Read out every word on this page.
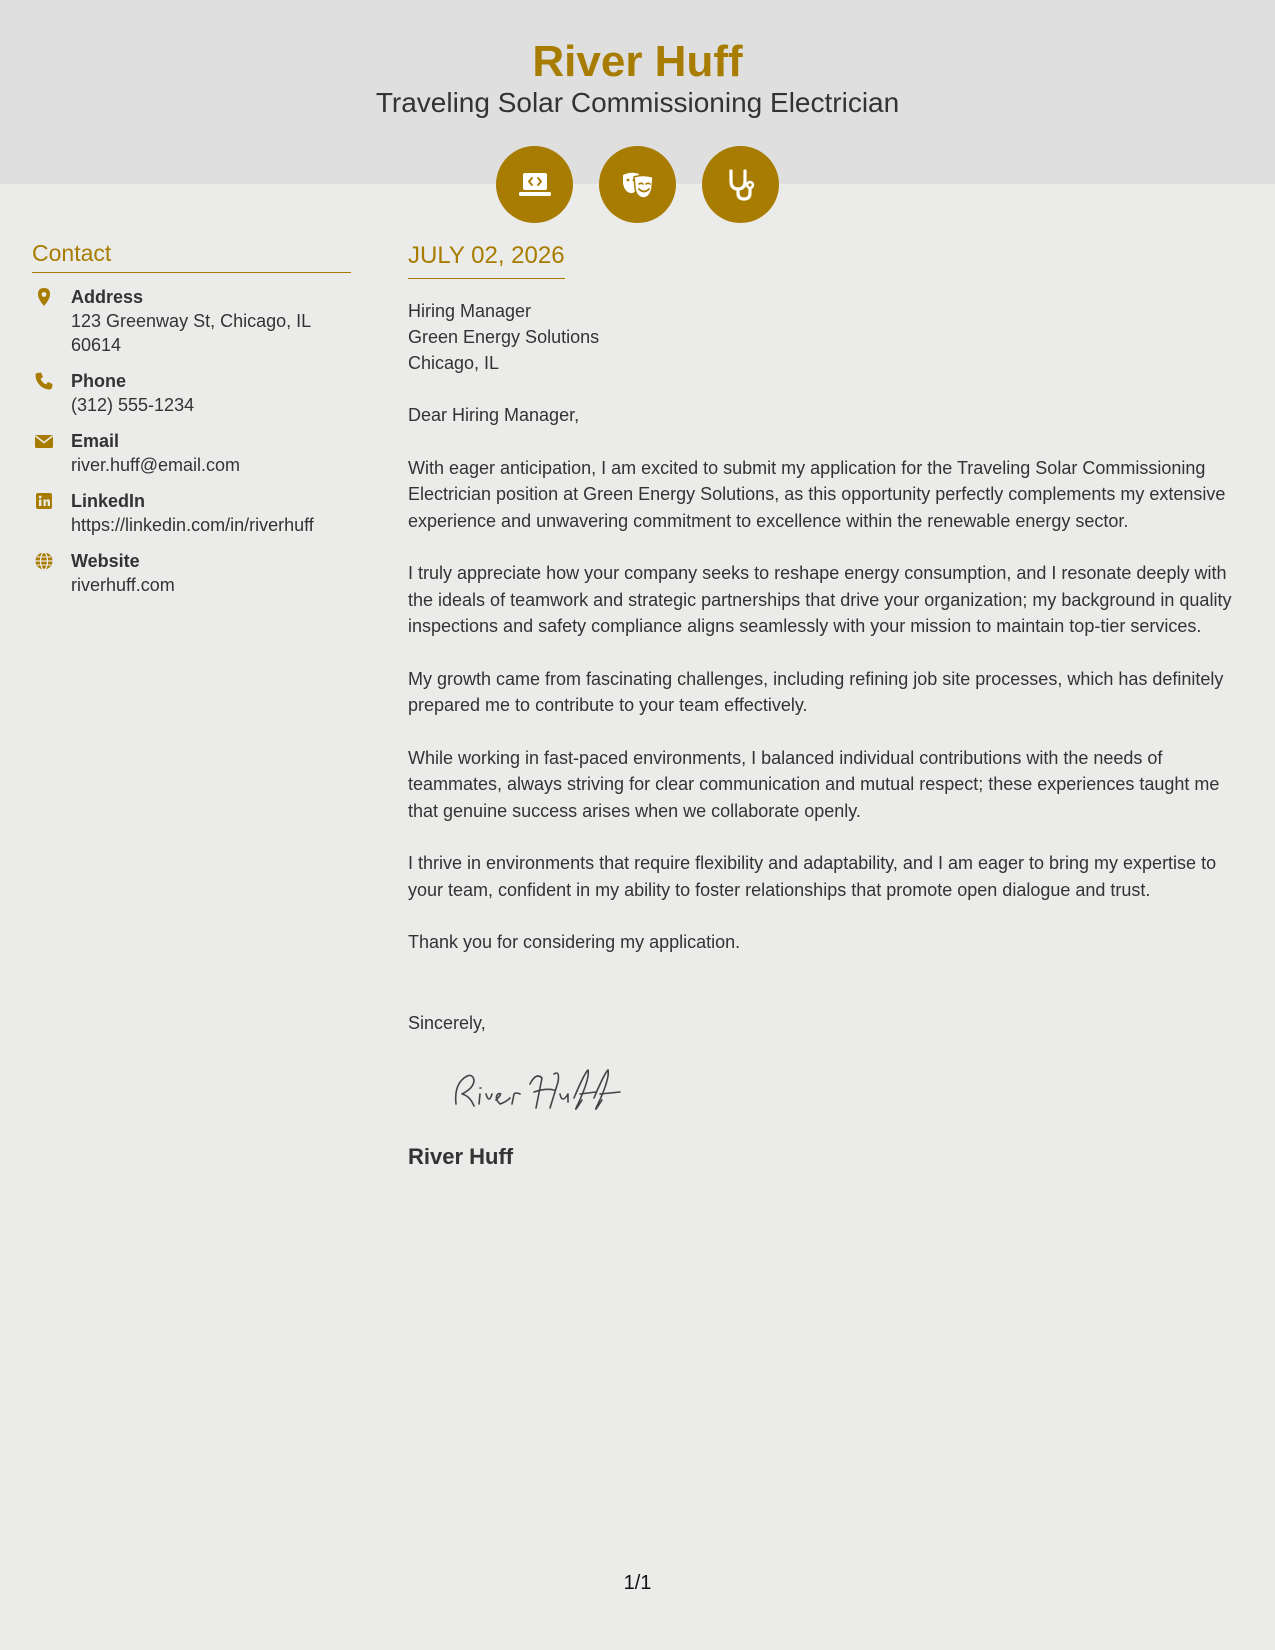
River Huff
Traveling Solar Commissioning Electrician
Contact
Address
123 Greenway St, Chicago, IL 60614
Phone
(312) 555-1234
Email
river.huff@email.com
LinkedIn
https://linkedin.com/in/riverhuff
Website
riverhuff.com
JULY 02, 2026
Hiring Manager
Green Energy Solutions
Chicago, IL

Dear Hiring Manager,

With eager anticipation, I am excited to submit my application for the Traveling Solar Commissioning Electrician position at Green Energy Solutions, as this opportunity perfectly complements my extensive experience and unwavering commitment to excellence within the renewable energy sector.

I truly appreciate how your company seeks to reshape energy consumption, and I resonate deeply with the ideals of teamwork and strategic partnerships that drive your organization; my background in quality inspections and safety compliance aligns seamlessly with your mission to maintain top-tier services.

My growth came from fascinating challenges, including refining job site processes, which has definitely prepared me to contribute to your team effectively.

While working in fast-paced environments, I balanced individual contributions with the needs of teammates, always striving for clear communication and mutual respect; these experiences taught me that genuine success arises when we collaborate openly.

I thrive in environments that require flexibility and adaptability, and I am eager to bring my expertise to your team, confident in my ability to foster relationships that promote open dialogue and trust.

Thank you for considering my application.

Sincerely,
River Huff
1/1
